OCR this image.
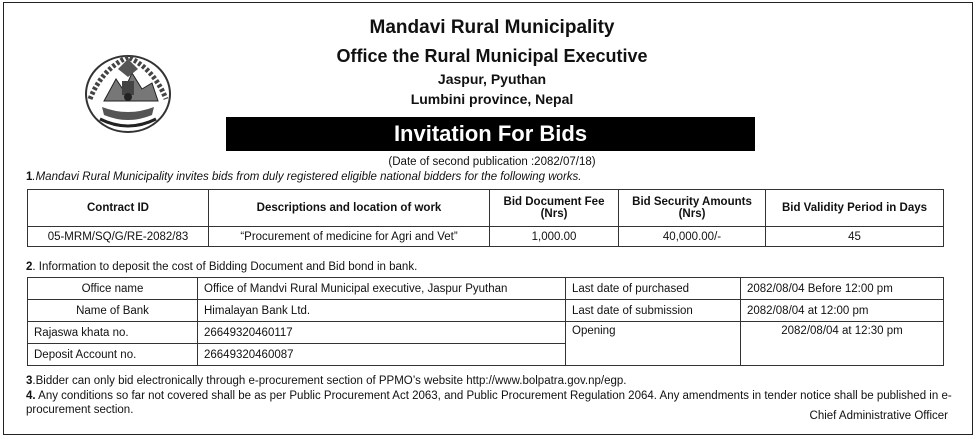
Mandavi Rural Municipality
Office the Rural Municipal Executive
Jaspur, Pyuthan
Lumbini province, Nepal
Invitation For Bids
(Date of second publication :2082/07/18)
1.Mandavi Rural Municipality invites bids from duly registered eligible national bidders for the following works.
Contract ID	Descriptions and location of work	Bid Document Fee (Nrs)	Bid Security Amounts (Nrs)	Bid Validity Period in Days
05-MRM/SQ/G/RE-2082/83	“Procurement of medicine for Agri and Vet”	1,000.00	40,000.00/-	45
2. Information to deposit the cost of Bidding Document and Bid bond in bank.
Office name	Office of Mandvi Rural Municipal executive, Jaspur Pyuthan	Last date of purchased	2082/08/04 Before 12:00 pm
Name of Bank	Himalayan Bank Ltd.	Last date of submission	2082/08/04 at 12:00 pm
Rajaswa khata no.	26649320460117	Opening	2082/08/04 at 12:30 pm
Deposit Account no.	26649320460087		
3.Bidder can only bid electronically through e-procurement section of PPMO’s website http://www.bolpatra.gov.np/egp.
4. Any conditions so far not covered shall be as per Public Procurement Act 2063, and Public Procurement Regulation 2064. Any amendments in tender notice shall be published in e-procurement section.	Chief Administrative Officer
